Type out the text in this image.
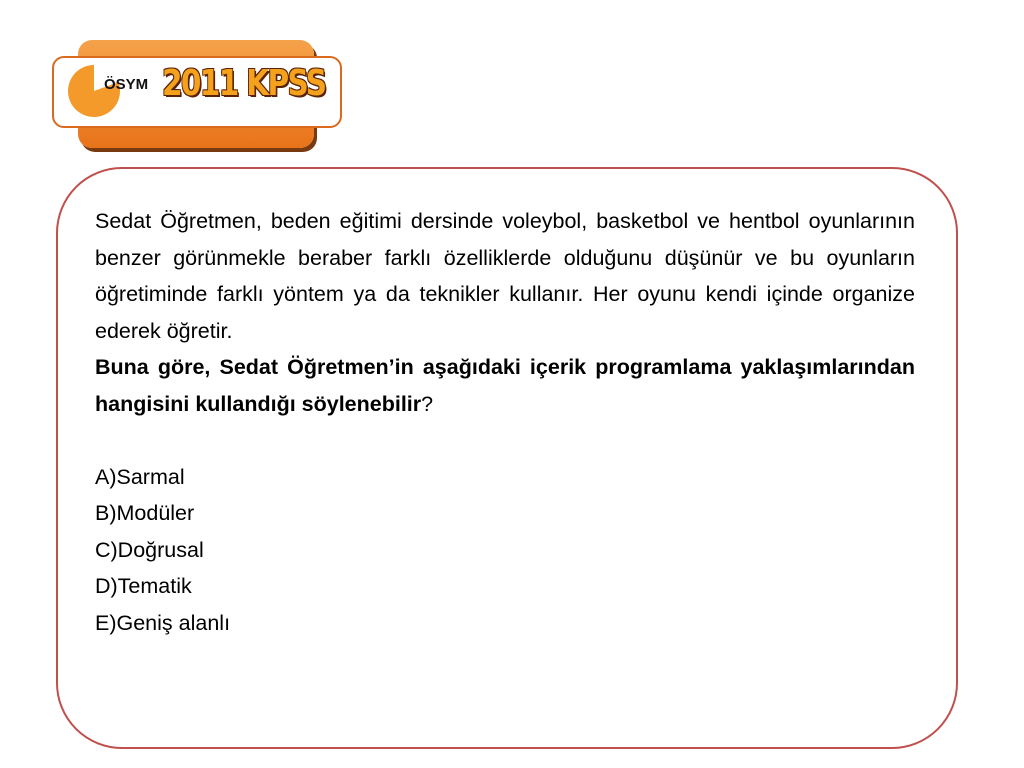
ÖSYM 2011 KPSS

Sedat Öğretmen, beden eğitimi dersinde voleybol, basketbol ve hentbol oyunlarının benzer görünmekle beraber farklı özelliklerde olduğunu düşünür ve bu oyunların öğretiminde farklı yöntem ya da teknikler kullanır. Her oyunu kendi içinde organize ederek öğretir.

Buna göre, Sedat Öğretmen’in aşağıdaki içerik programlama yaklaşımlarından hangisini kullandığı söylenebilir?

A)Sarmal

B)Modüler

C)Doğrusal

D)Tematik

E)Geniş alanlı
